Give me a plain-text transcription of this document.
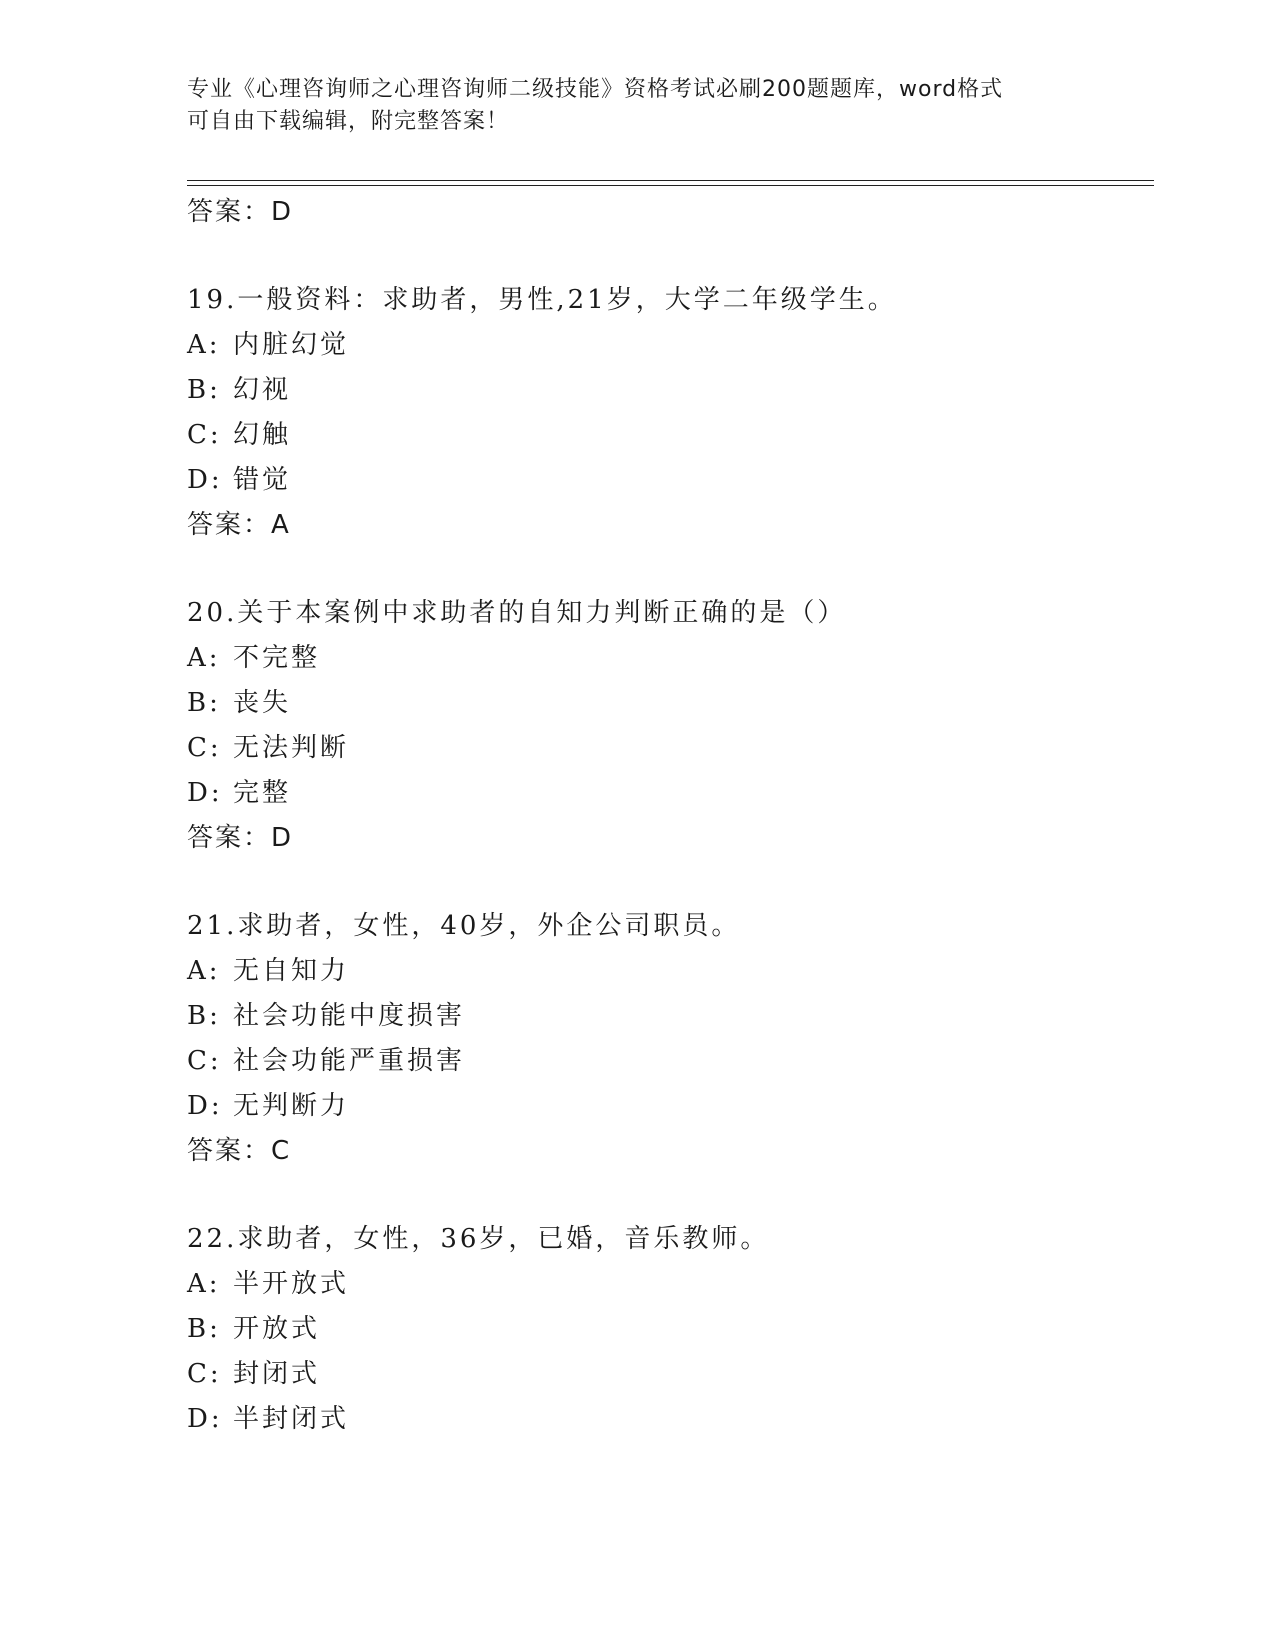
专业《心理咨询师之心理咨询师二级技能》资格考试必刷200题题库，word格式
可自由下载编辑，附完整答案！
答案：D
19.一般资料：求助者，男性,21岁，大学二年级学生。
A: 内脏幻觉
B: 幻视
C: 幻触
D: 错觉
答案：A
20.关于本案例中求助者的自知力判断正确的是（）
A: 不完整
B: 丧失
C: 无法判断
D: 完整
答案：D
21.求助者，女性，40岁，外企公司职员。
A: 无自知力
B: 社会功能中度损害
C: 社会功能严重损害
D: 无判断力
答案：C
22.求助者，女性，36岁，已婚，音乐教师。
A: 半开放式
B: 开放式
C: 封闭式
D: 半封闭式
